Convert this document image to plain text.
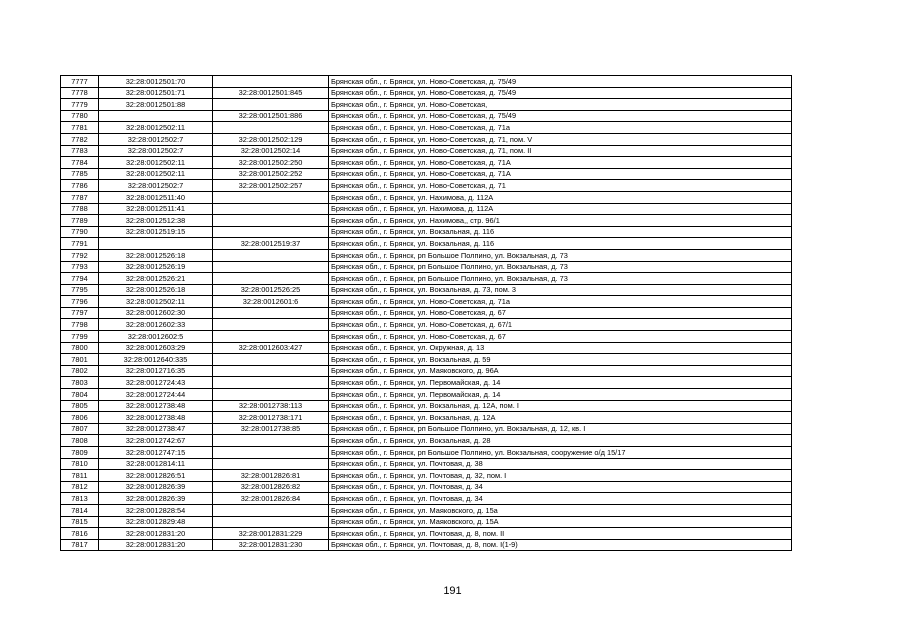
7777	32:28:0012501:70		Брянская обл., г. Брянск, ул. Ново-Советская, д. 75/49
7778	32:28:0012501:71	32:28:0012501:845	Брянская обл., г. Брянск, ул. Ново-Советская, д. 75/49
7779	32:28:0012501:88		Брянская обл., г. Брянск, ул. Ново-Советская,
7780		32:28:0012501:886	Брянская обл., г. Брянск, ул. Ново-Советская, д. 75/49
7781	32:28:0012502:11		Брянская обл., г. Брянск, ул. Ново-Советская, д. 71а
7782	32:28:0012502:7	32:28:0012502:129	Брянская обл., г. Брянск, ул. Ново-Советская, д. 71, пом. V
7783	32:28:0012502:7	32:28:0012502:14	Брянская обл., г. Брянск, ул. Ново-Советская, д. 71, пом. II
7784	32:28:0012502:11	32:28:0012502:250	Брянская обл., г. Брянск, ул. Ново-Советская, д. 71А
7785	32:28:0012502:11	32:28:0012502:252	Брянская обл., г. Брянск, ул. Ново-Советская, д. 71А
7786	32:28:0012502:7	32:28:0012502:257	Брянская обл., г. Брянск, ул. Ново-Советская, д. 71
7787	32:28:0012511:40		Брянская обл., г. Брянск, ул. Нахимова, д. 112А
7788	32:28:0012511:41		Брянская обл., г. Брянск, ул. Нахимова, д. 112А
7789	32:28:0012512:38		Брянская обл., г. Брянск, ул. Нахимова,, стр. 96/1
7790	32:28:0012519:15		Брянская обл., г. Брянск, ул. Вокзальная, д. 116
7791		32:28:0012519:37	Брянская обл., г. Брянск, ул. Вокзальная, д. 116
7792	32:28:0012526:18		Брянская обл., г. Брянск, рп Большое Полпино, ул. Вокзальная, д. 73
7793	32:28:0012526:19		Брянская обл., г. Брянск, рп Большое Полпино, ул. Вокзальная, д. 73
7794	32:28:0012526:21		Брянская обл., г. Брянск, рп Большое Полпино, ул. Вокзальная, д. 73
7795	32:28:0012526:18	32:28:0012526:25	Брянская обл., г. Брянск, ул. Вокзальная, д. 73, пом. 3
7796	32:28:0012502:11	32:28:0012601:6	Брянская обл., г. Брянск, ул. Ново-Советская, д. 71а
7797	32:28:0012602:30		Брянская обл., г. Брянск, ул. Ново-Советская, д. 67
7798	32:28:0012602:33		Брянская обл., г. Брянск, ул. Ново-Советская, д. 67/1
7799	32:28:0012602:5		Брянская обл., г. Брянск, ул. Ново-Советская, д. 67
7800	32:28:0012603:29	32:28:0012603:427	Брянская обл., г. Брянск, ул. Окружная, д. 13
7801	32:28:0012640:335		Брянская обл., г. Брянск, ул. Вокзальная, д. 59
7802	32:28:0012716:35		Брянская обл., г. Брянск, ул. Маяковского, д. 96А
7803	32:28:0012724:43		Брянская обл., г. Брянск, ул. Первомайская, д. 14
7804	32:28:0012724:44		Брянская обл., г. Брянск, ул. Первомайская, д. 14
7805	32:28:0012738:48	32:28:0012738:113	Брянская обл., г. Брянск, ул. Вокзальная, д. 12А, пом. I
7806	32:28:0012738:48	32:28:0012738:171	Брянская обл., г. Брянск, ул. Вокзальная, д. 12А
7807	32:28:0012738:47	32:28:0012738:85	Брянская обл., г. Брянск, рп Большое Полпино, ул. Вокзальная, д. 12, кв. I
7808	32:28:0012742:67		Брянская обл., г. Брянск, ул. Вокзальная, д. 28
7809	32:28:0012747:15		Брянская обл., г. Брянск, рп Большое Полпино, ул. Вокзальная, сооружение о/д 15/17
7810	32:28:0012814:11		Брянская обл., г. Брянск, ул. Почтовая, д. 38
7811	32:28:0012826:51	32:28:0012826:81	Брянская обл., г. Брянск, ул. Почтовая, д. 32, пом. I
7812	32:28:0012826:39	32:28:0012826:82	Брянская обл., г. Брянск, ул. Почтовая, д. 34
7813	32:28:0012826:39	32:28:0012826:84	Брянская обл., г. Брянск, ул. Почтовая, д. 34
7814	32:28:0012828:54		Брянская обл., г. Брянск, ул. Маяковского, д. 15а
7815	32:28:0012829:48		Брянская обл., г. Брянск, ул. Маяковского, д. 15А
7816	32:28:0012831:20	32:28:0012831:229	Брянская обл., г. Брянск, ул. Почтовая, д. 8, пом. II
7817	32:28:0012831:20	32:28:0012831:230	Брянская обл., г. Брянск, ул. Почтовая, д. 8, пом. I(1-9)
191
